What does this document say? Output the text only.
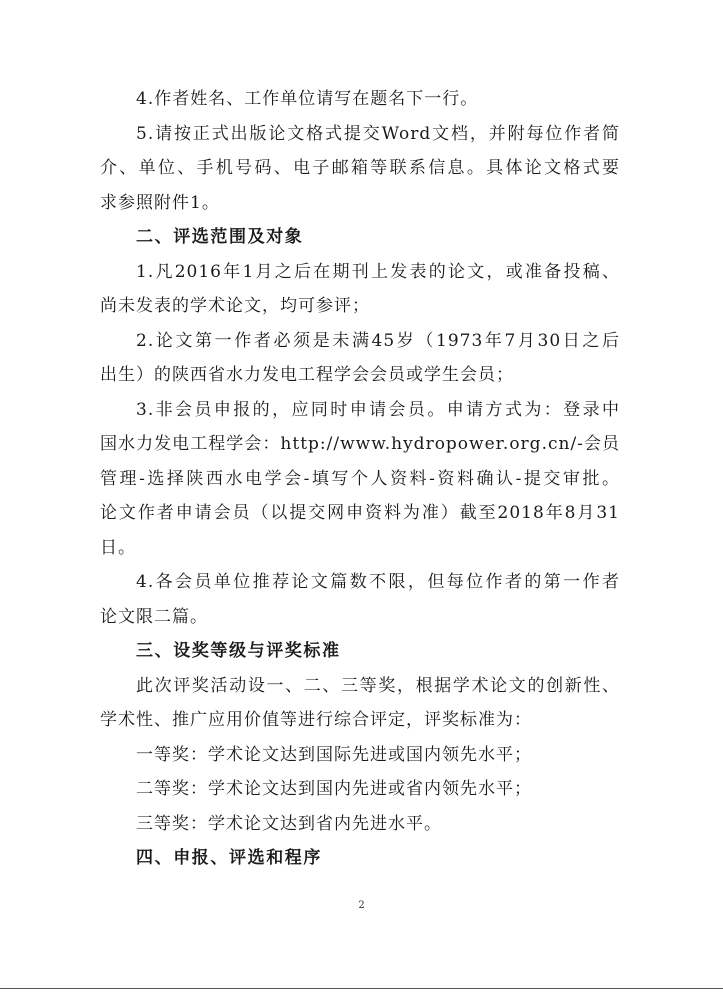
4.作者姓名、工作单位请写在题名下一行。
5.请按正式出版论文格式提交Word文档，并附每位作者简
介、单位、手机号码、电子邮箱等联系信息。具体论文格式要
求参照附件1。
二、评选范围及对象
1.凡2016年1月之后在期刊上发表的论文，或准备投稿、
尚未发表的学术论文，均可参评；
2.论文第一作者必须是未满45岁（1973年7月30日之后
出生）的陕西省水力发电工程学会会员或学生会员；
3.非会员申报的，应同时申请会员。申请方式为：登录中
国水力发电工程学会：http://www.hydropower.org.cn/-会员
管理-选择陕西水电学会-填写个人资料-资料确认-提交审批。
论文作者申请会员（以提交网申资料为准）截至2018年8月31
日。
4.各会员单位推荐论文篇数不限，但每位作者的第一作者
论文限二篇。
三、设奖等级与评奖标准
此次评奖活动设一、二、三等奖，根据学术论文的创新性、
学术性、推广应用价值等进行综合评定，评奖标准为：
一等奖：学术论文达到国际先进或国内领先水平；
二等奖：学术论文达到国内先进或省内领先水平；
三等奖：学术论文达到省内先进水平。
四、申报、评选和程序
2
